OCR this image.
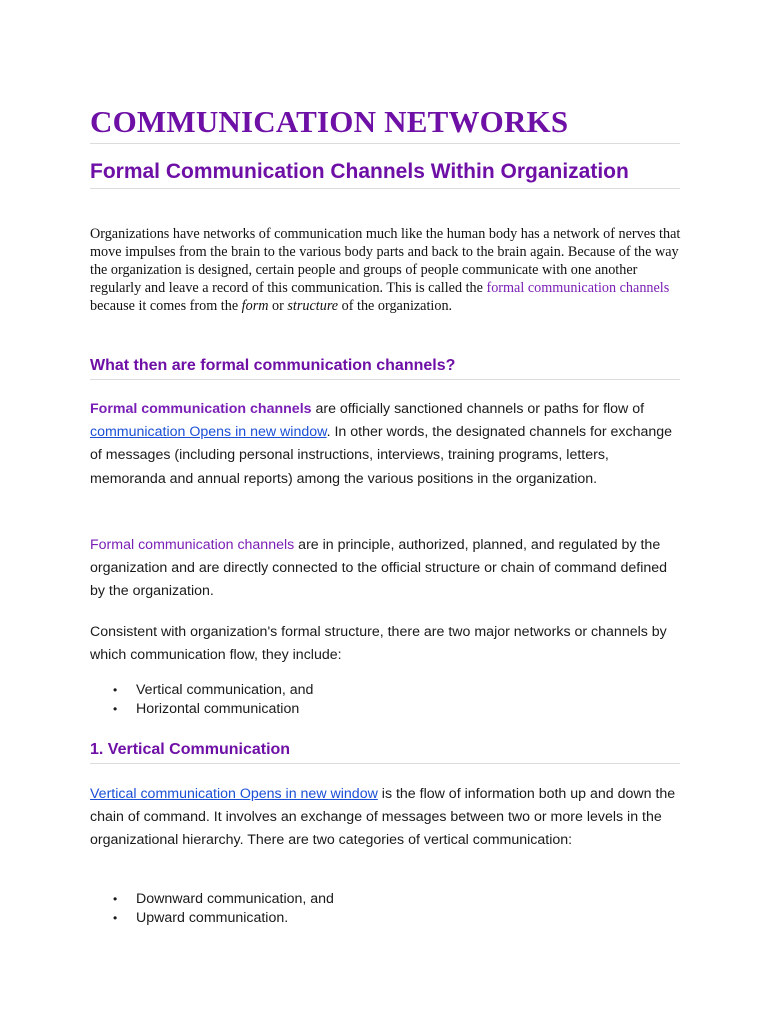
COMMUNICATION NETWORKS
Formal Communication Channels Within Organization

Organizations have networks of communication much like the human body has a network of nerves that move impulses from the brain to the various body parts and back to the brain again. Because of the way the organization is designed, certain people and groups of people communicate with one another regularly and leave a record of this communication. This is called the formal communication channels because it comes from the form or structure of the organization.

What then are formal communication channels?

Formal communication channels are officially sanctioned channels or paths for flow of communication Opens in new window. In other words, the designated channels for exchange of messages (including personal instructions, interviews, training programs, letters, memoranda and annual reports) among the various positions in the organization.

Formal communication channels are in principle, authorized, planned, and regulated by the organization and are directly connected to the official structure or chain of command defined by the organization.

Consistent with organization's formal structure, there are two major networks or channels by which communication flow, they include:

• Vertical communication, and
• Horizontal communication
1. Vertical Communication

Vertical communication Opens in new window is the flow of information both up and down the chain of command. It involves an exchange of messages between two or more levels in the organizational hierarchy. There are two categories of vertical communication:

• Downward communication, and
• Upward communication.
